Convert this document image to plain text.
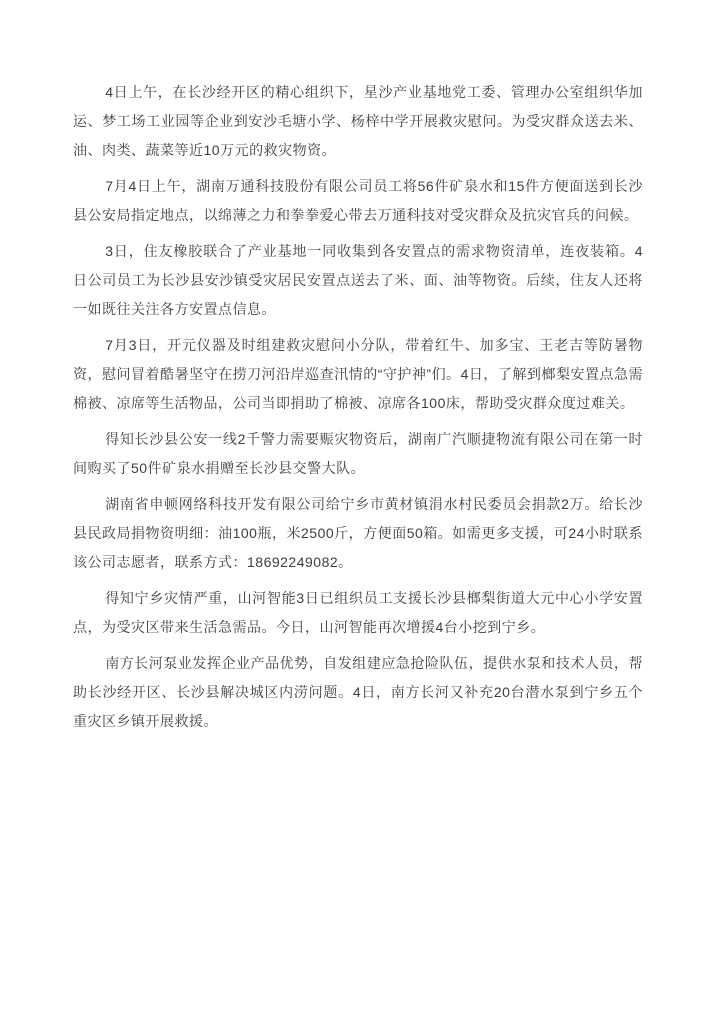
4日上午，在长沙经开区的精心组织下，星沙产业基地党工委、管理办公室组织华加运、梦工场工业园等企业到安沙毛塘小学、杨梓中学开展救灾慰问。为受灾群众送去米、油、肉类、蔬菜等近10万元的救灾物资。

7月4日上午，湖南万通科技股份有限公司员工将56件矿泉水和15件方便面送到长沙县公安局指定地点，以绵薄之力和拳拳爱心带去万通科技对受灾群众及抗灾官兵的问候。

3日，住友橡胶联合了产业基地一同收集到各安置点的需求物资清单，连夜装箱。4日公司员工为长沙县安沙镇受灾居民安置点送去了米、面、油等物资。后续，住友人还将一如既往关注各方安置点信息。

7月3日，开元仪器及时组建救灾慰问小分队，带着红牛、加多宝、王老吉等防暑物资，慰问冒着酷暑坚守在捞刀河沿岸巡查汛情的“守护神”们。4日，了解到榔梨安置点急需棉被、凉席等生活物品，公司当即捐助了棉被、凉席各100床，帮助受灾群众度过难关。

得知长沙县公安一线2千警力需要赈灾物资后，湖南广汽顺捷物流有限公司在第一时间购买了50件矿泉水捐赠至长沙县交警大队。

湖南省申顿网络科技开发有限公司给宁乡市黄材镇涓水村民委员会捐款2万。给长沙县民政局捐物资明细：油100瓶，米2500斤，方便面50箱。如需更多支援，可24小时联系该公司志愿者，联系方式：18692249082。

得知宁乡灾情严重，山河智能3日已组织员工支援长沙县榔梨街道大元中心小学安置点，为受灾区带来生活急需品。今日，山河智能再次增援4台小挖到宁乡。

南方长河泵业发挥企业产品优势，自发组建应急抢险队伍，提供水泵和技术人员，帮助长沙经开区、长沙县解决城区内涝问题。4日，南方长河又补充20台潜水泵到宁乡五个重灾区乡镇开展救援。
